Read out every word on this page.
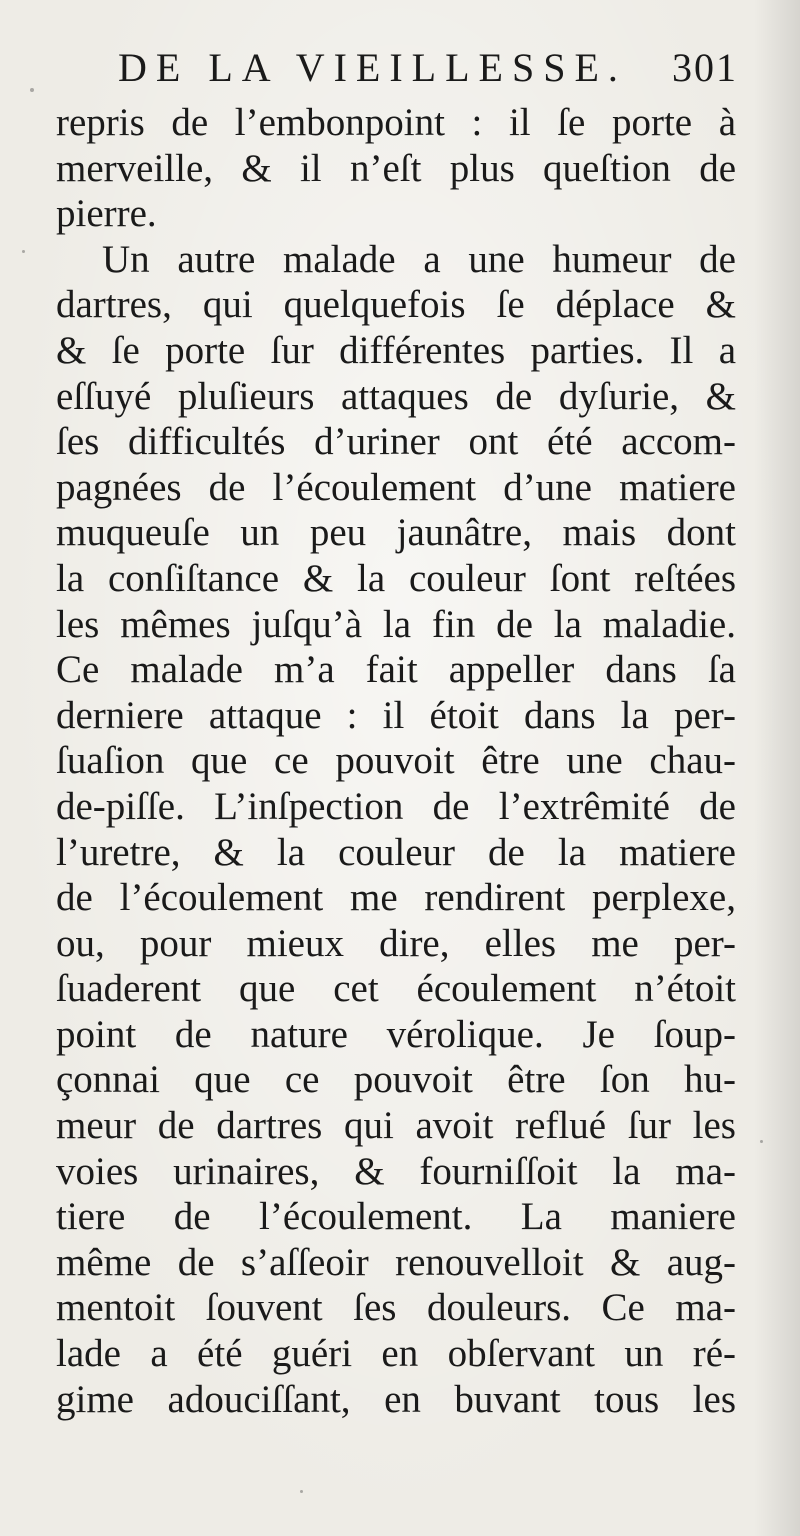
DE LA VIEILLESSE. 301
repris de l’embonpoint : il ſe porte à
merveille, & il n’eſt plus queſtion de
pierre.
Un autre malade a une humeur de
dartres, qui quelquefois ſe déplace &
& ſe porte ſur différentes parties. Il a
eſſuyé pluſieurs attaques de dyſurie, &
ſes difficultés d’uriner ont été accom-
pagnées de l’écoulement d’une matiere
muqueuſe un peu jaunâtre, mais dont
la conſiſtance & la couleur ſont reſtées
les mêmes juſqu’à la fin de la maladie.
Ce malade m’a fait appeller dans ſa
derniere attaque : il étoit dans la per-
ſuaſion que ce pouvoit être une chau-
de-piſſe. L’inſpection de l’extrêmité de
l’uretre, & la couleur de la matiere
de l’écoulement me rendirent perplexe,
ou, pour mieux dire, elles me per-
ſuaderent que cet écoulement n’étoit
point de nature vérolique. Je ſoup-
çonnai que ce pouvoit être ſon hu-
meur de dartres qui avoit reflué ſur les
voies urinaires, & fourniſſoit la ma-
tiere de l’écoulement. La maniere
même de s’aſſeoir renouvelloit & aug-
mentoit ſouvent ſes douleurs. Ce ma-
lade a été guéri en obſervant un ré-
gime adouciſſant, en buvant tous les
